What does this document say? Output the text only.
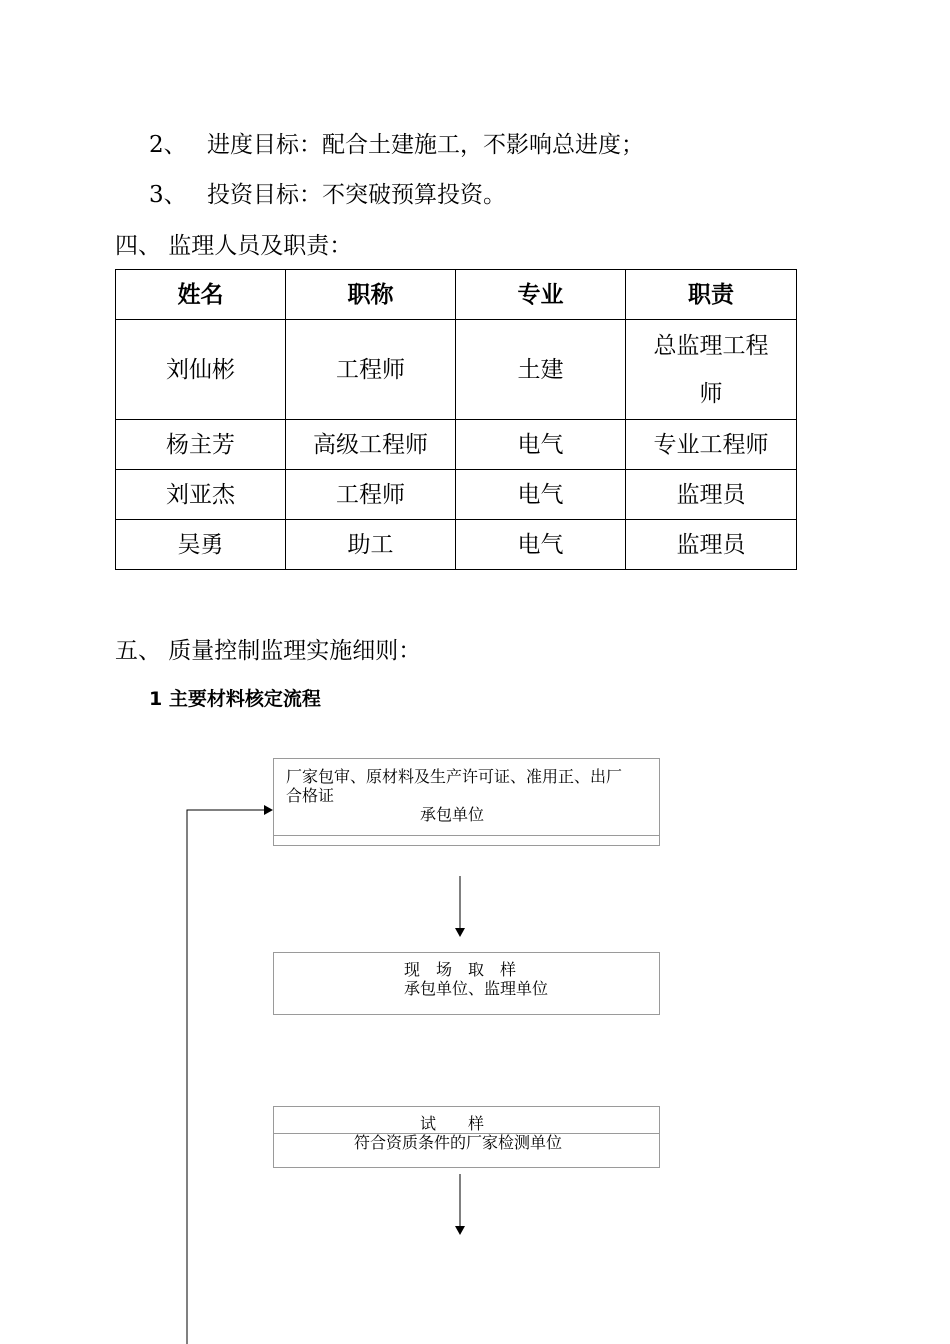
2、 进度目标：配合土建施工，不影响总进度；
3、 投资目标：不突破预算投资。
四、 监理人员及职责：
姓名	职称	专业	职责
刘仙彬	工程师	土建	总监理工程师
杨主芳	高级工程师	电气	专业工程师
刘亚杰	工程师	电气	监理员
吴勇	助工	电气	监理员
五、 质量控制监理实施细则：
1 主要材料核定流程
厂家包审、原材料及生产许可证、准用正、出厂
合格证
承包单位
现　场　取　样
承包单位、监理单位
试　　样
符合资质条件的厂家检测单位
